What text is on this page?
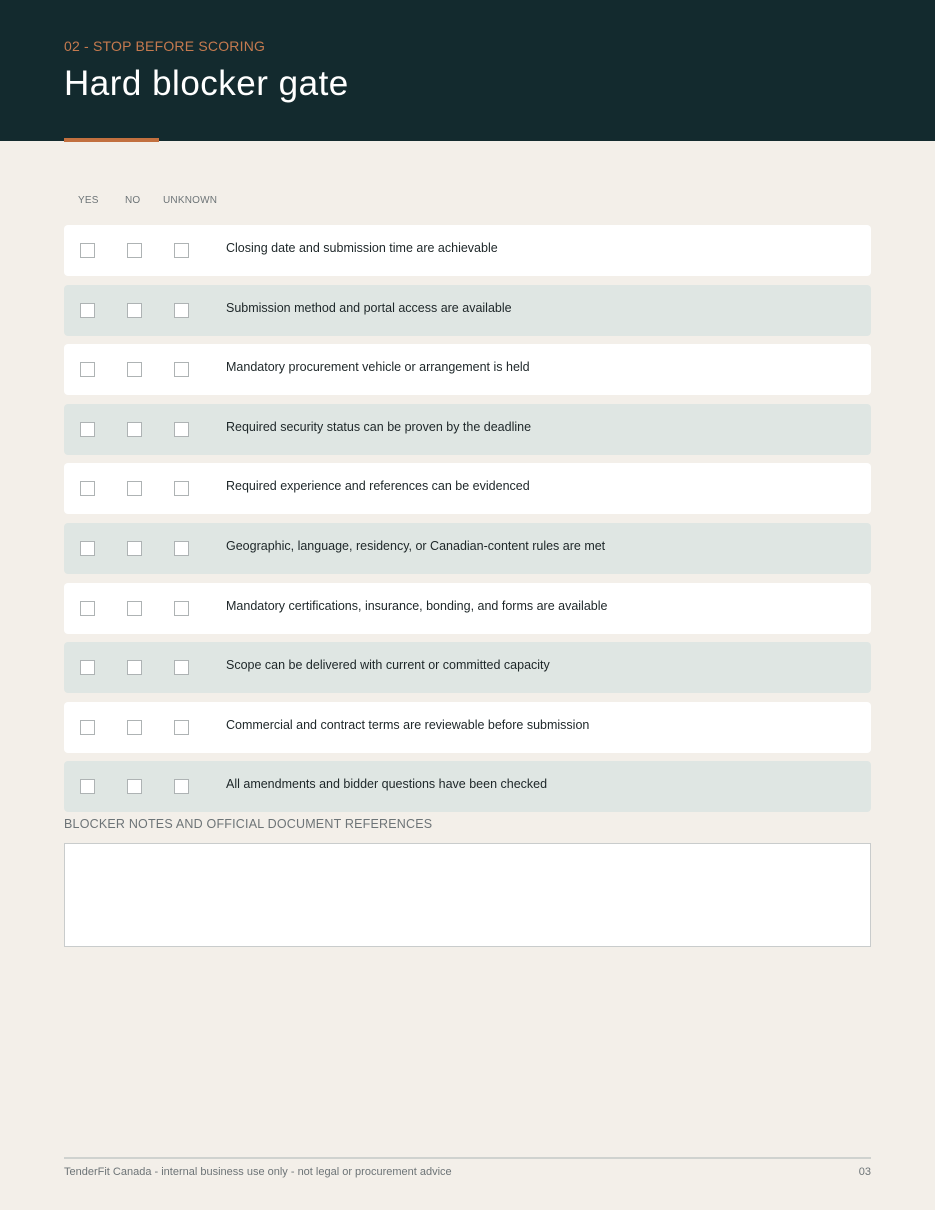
02 - STOP BEFORE SCORING
Hard blocker gate
YES	NO UNKNOWN
Closing date and submission time are achievable
Submission method and portal access are available
Mandatory procurement vehicle or arrangement is held
Required security status can be proven by the deadline
Required experience and references can be evidenced
Geographic, language, residency, or Canadian-content rules are met
Mandatory certifications, insurance, bonding, and forms are available
Scope can be delivered with current or committed capacity
Commercial and contract terms are reviewable before submission
All amendments and bidder questions have been checked
BLOCKER NOTES AND OFFICIAL DOCUMENT REFERENCES
TenderFit Canada - internal business use only - not legal or procurement advice	03
